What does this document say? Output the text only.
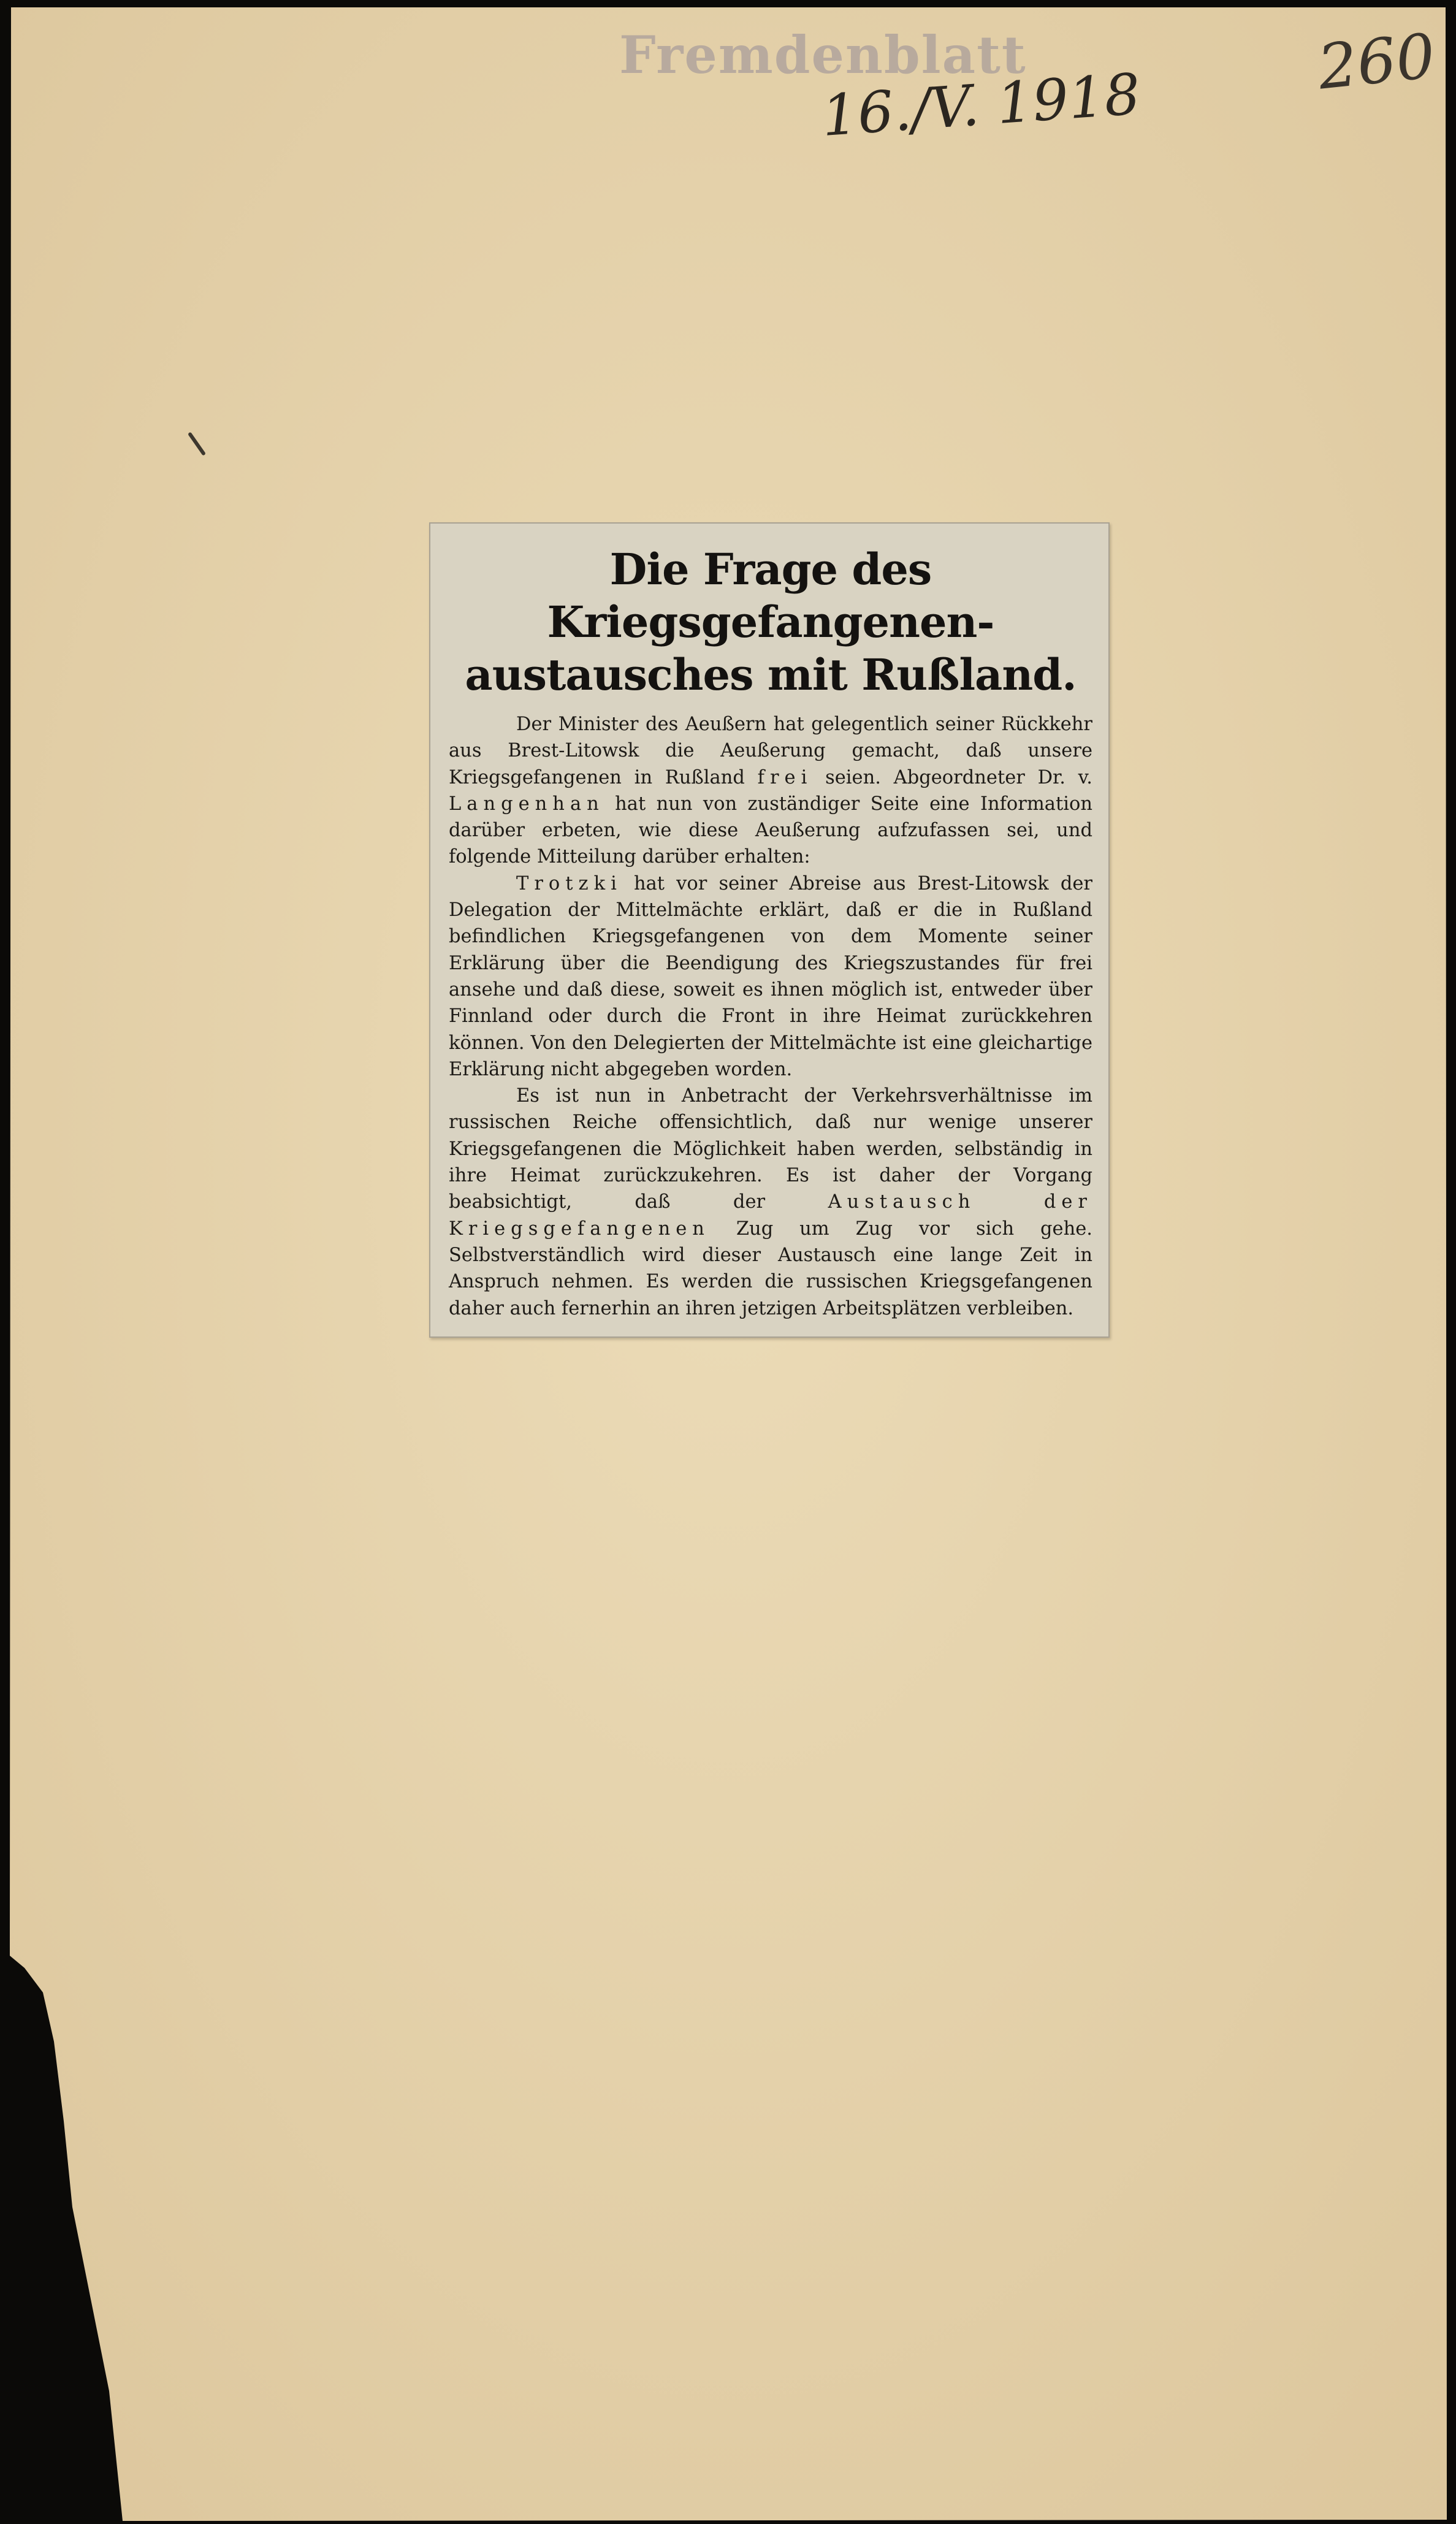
Fremdenblatt
16./V. 1918	260
Die Frage des Kriegsgefangenen-
austausches mit Rußland.

Der Minister des Aeußern hat gelegentlich seiner Rückkehr aus Brest-Litowsk die Aeußerung gemacht, daß unsere Kriegsgefangenen in Rußland frei seien. Abgeordneter Dr. v. Langenhan hat nun von zuständiger Seite eine Information darüber erbeten, wie diese Aeußerung aufzufassen sei, und folgende Mitteilung darüber erhalten:

Trotzki hat vor seiner Abreise aus Brest-Litowsk der Delegation der Mittelmächte erklärt, daß er die in Rußland befindlichen Kriegsgefangenen von dem Momente seiner Erklärung über die Beendigung des Kriegszustandes für frei ansehe und daß diese, soweit es ihnen möglich ist, entweder über Finnland oder durch die Front in ihre Heimat zurückkehren können. Von den Delegierten der Mittelmächte ist eine gleichartige Erklärung nicht abgegeben worden.

Es ist nun in Anbetracht der Verkehrsverhältnisse im russischen Reiche offensichtlich, daß nur wenige unserer Kriegsgefangenen die Möglichkeit haben werden, selbständig in ihre Heimat zurückzukehren. Es ist daher der Vorgang beabsichtigt, daß der Austausch der Kriegsgefangenen Zug um Zug vor sich gehe. Selbstverständlich wird dieser Austausch eine lange Zeit in Anspruch nehmen. Es werden die russischen Kriegsgefangenen daher auch fernerhin an ihren jetzigen Arbeitsplätzen verbleiben.
